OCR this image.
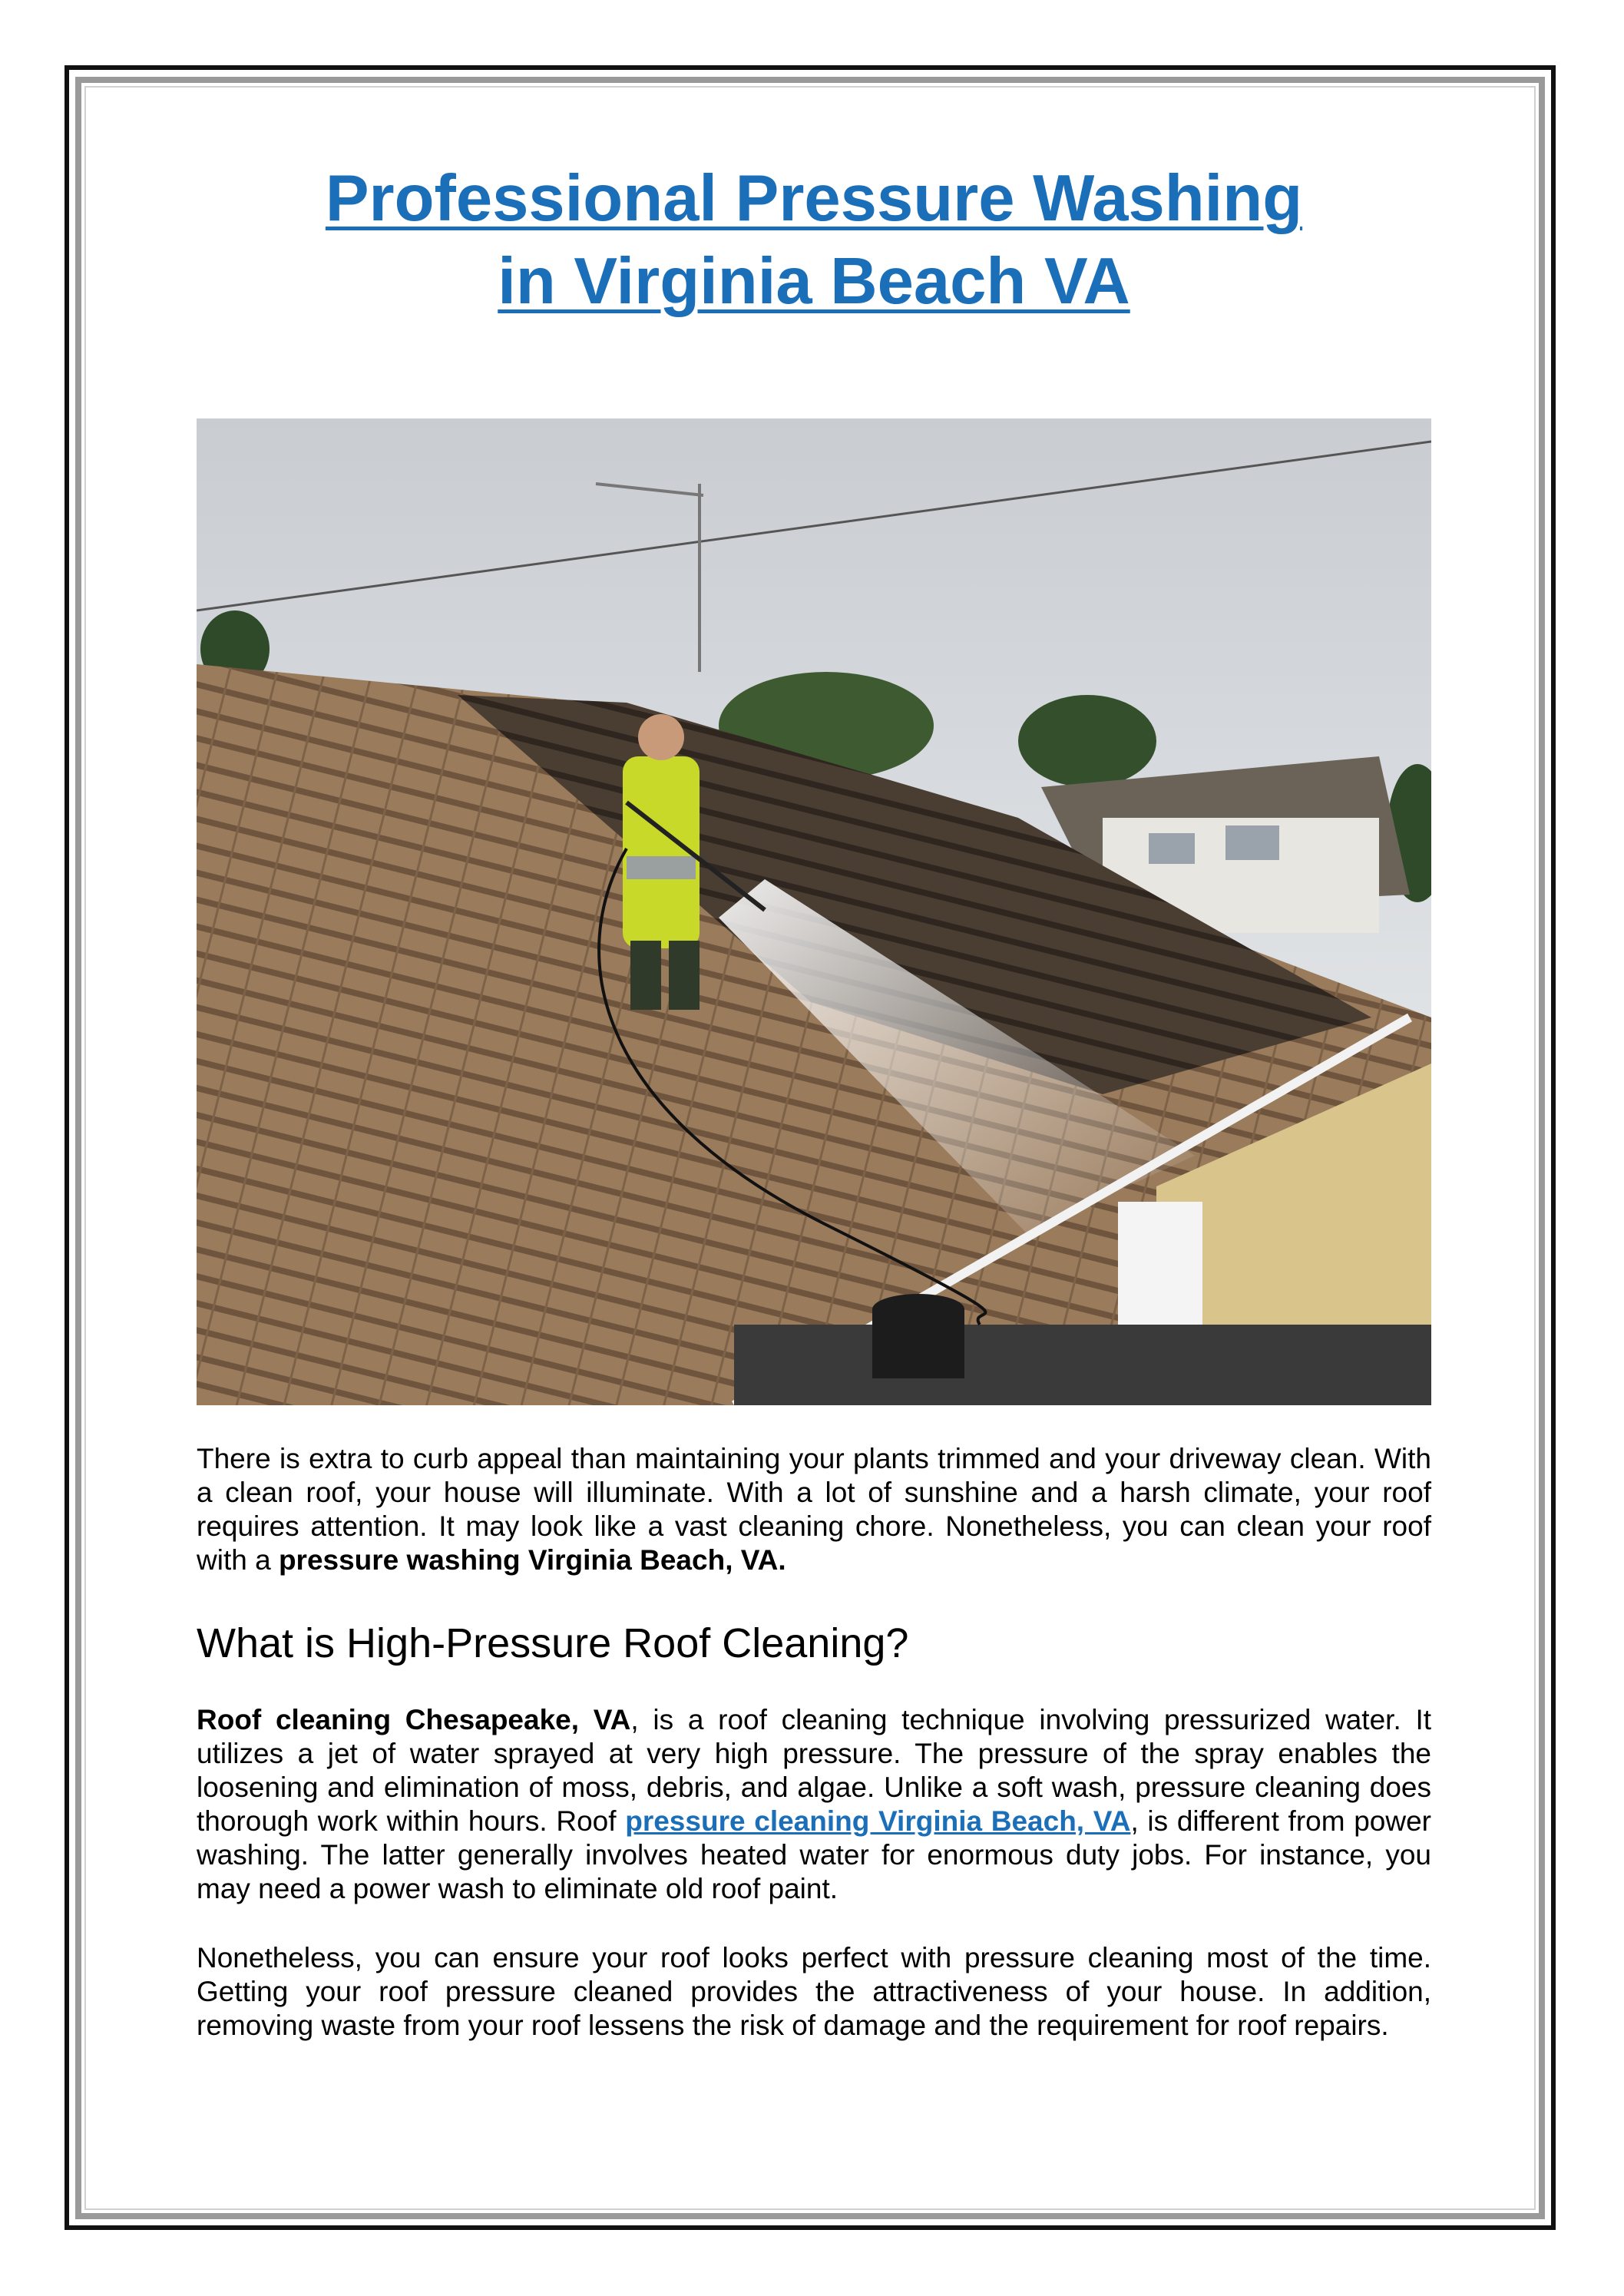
Professional Pressure Washing
in Virginia Beach VA

There is extra to curb appeal than maintaining your plants trimmed and your driveway clean. With a clean roof, your house will illuminate. With a lot of sunshine and a harsh climate, your roof requires attention. It may look like a vast cleaning chore. Nonetheless, you can clean your roof with a pressure washing Virginia Beach, VA.

What is High-Pressure Roof Cleaning?

Roof cleaning Chesapeake, VA, is a roof cleaning technique involving pressurized water. It utilizes a jet of water sprayed at very high pressure. The pressure of the spray enables the loosening and elimination of moss, debris, and algae. Unlike a soft wash, pressure cleaning does thorough work within hours. Roof pressure cleaning Virginia Beach, VA, is different from power washing. The latter generally involves heated water for enormous duty jobs. For instance, you may need a power wash to eliminate old roof paint.

Nonetheless, you can ensure your roof looks perfect with pressure cleaning most of the time. Getting your roof pressure cleaned provides the attractiveness of your house. In addition, removing waste from your roof lessens the risk of damage and the requirement for roof repairs.
